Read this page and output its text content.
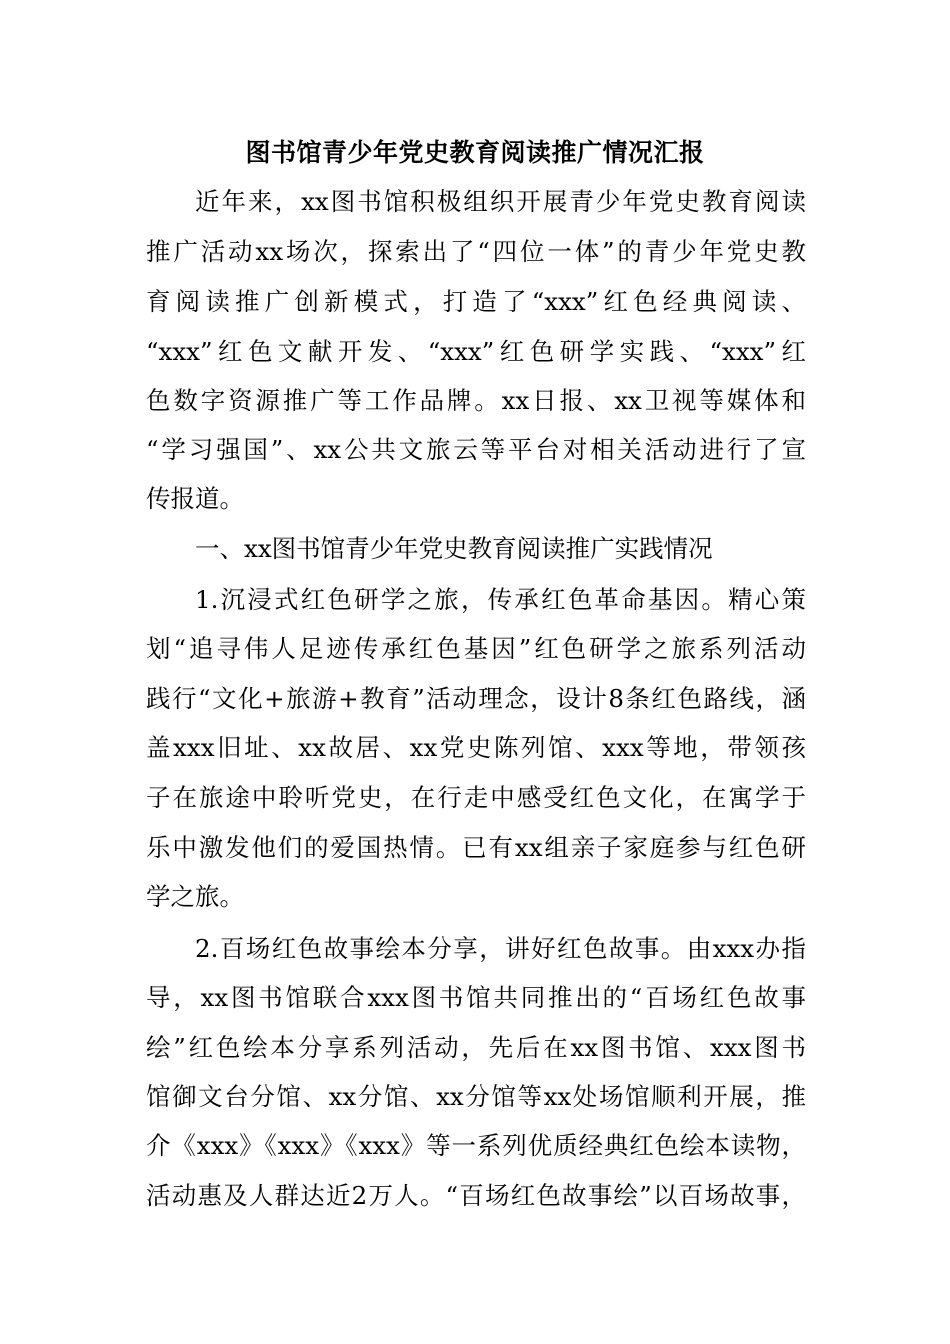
图书馆青少年党史教育阅读推广情况汇报
近年来，xx图书馆积极组织开展青少年党史教育阅读
推广活动xx场次，探索出了“四位一体”的青少年党史教
育阅读推广创新模式，打造了“xxx”红色经典阅读、
“xxx”红色文献开发、“xxx”红色研学实践、“xxx”红
色数字资源推广等工作品牌。xx日报、xx卫视等媒体和
“学习强国”、xx公共文旅云等平台对相关活动进行了宣
传报道。
一、xx图书馆青少年党史教育阅读推广实践情况
1.沉浸式红色研学之旅，传承红色革命基因。精心策
划“追寻伟人足迹传承红色基因”红色研学之旅系列活动
践行“文化+旅游+教育”活动理念，设计8条红色路线，涵
盖xxx旧址、xx故居、xx党史陈列馆、xxx等地，带领孩
子在旅途中聆听党史，在行走中感受红色文化，在寓学于
乐中激发他们的爱国热情。已有xx组亲子家庭参与红色研
学之旅。
2.百场红色故事绘本分享，讲好红色故事。由xxx办指
导，xx图书馆联合xxx图书馆共同推出的“百场红色故事
绘”红色绘本分享系列活动，先后在xx图书馆、xxx图书
馆御文台分馆、xx分馆、xx分馆等xx处场馆顺利开展，推
介《xxx》《xxx》《xxx》等一系列优质经典红色绘本读物，
活动惠及人群达近2万人。“百场红色故事绘”以百场故事，
